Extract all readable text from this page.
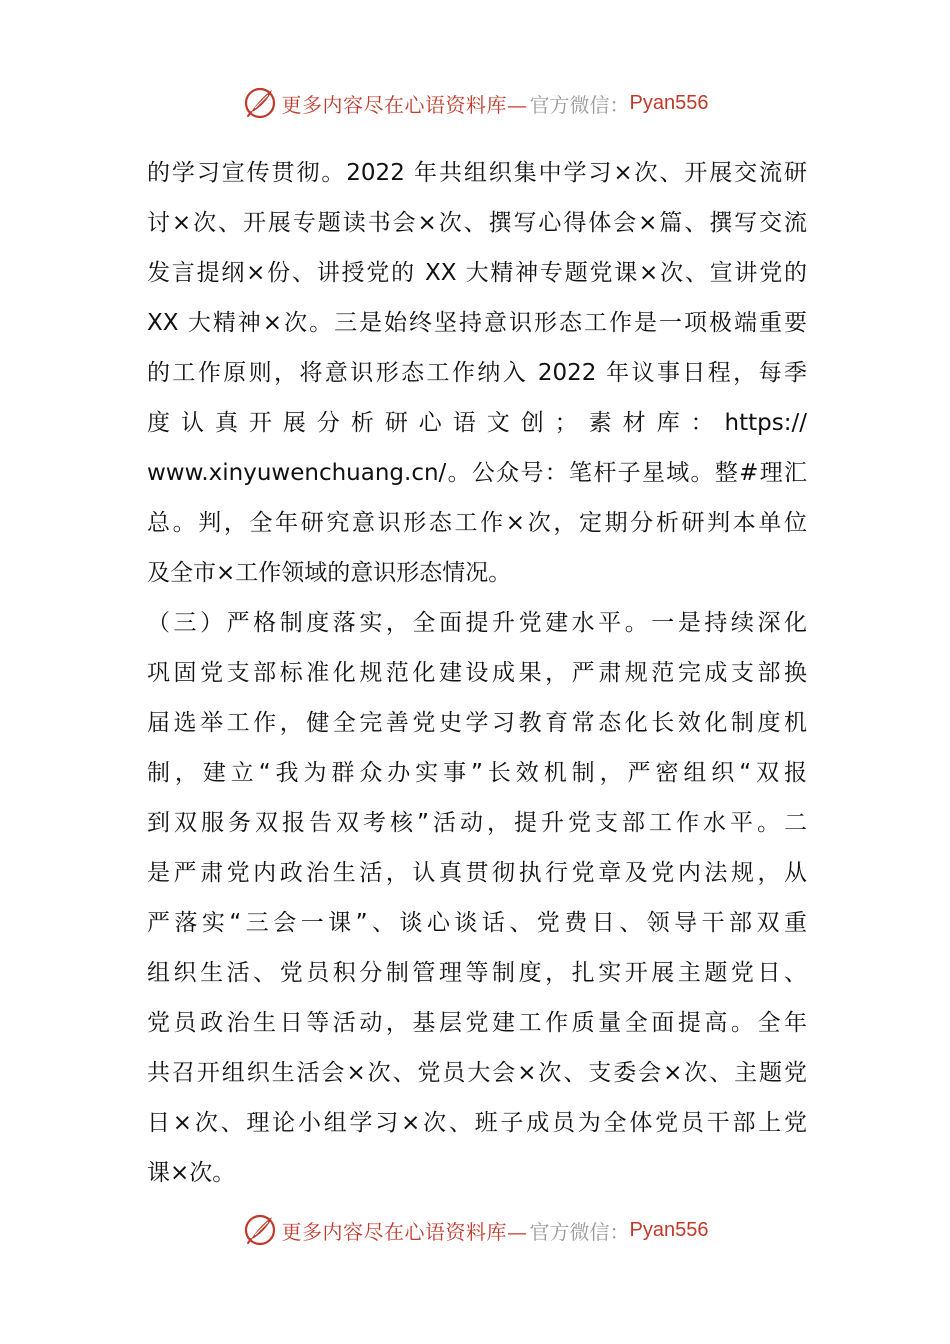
更多内容尽在心语资料库— 官方微信： Pyan556
的学习宣传贯彻。2022 年共组织集中学习×次、开展交流研
讨×次、开展专题读书会×次、撰写心得体会×篇、撰写交流
发言提纲×份、讲授党的 XX 大精神专题党课×次、宣讲党的
XX 大精神×次。三是始终坚持意识形态工作是一项极端重要
的工作原则，将意识形态工作纳入 2022 年议事日程，每季
度认真开展分析研心语文创；素材库：https://
www.xinyuwenchuang.cn/。公众号：笔杆子星域。整#理汇
总。判，全年研究意识形态工作×次，定期分析研判本单位
及全市×工作领域的意识形态情况。
（三）严格制度落实，全面提升党建水平。一是持续深化
巩固党支部标准化规范化建设成果，严肃规范完成支部换
届选举工作，健全完善党史学习教育常态化长效化制度机
制，建立“我为群众办实事”长效机制，严密组织“双报
到双服务双报告双考核”活动，提升党支部工作水平。二
是严肃党内政治生活，认真贯彻执行党章及党内法规，从
严落实“三会一课”、谈心谈话、党费日、领导干部双重
组织生活、党员积分制管理等制度，扎实开展主题党日、
党员政治生日等活动，基层党建工作质量全面提高。全年
共召开组织生活会×次、党员大会×次、支委会×次、主题党
日×次、理论小组学习×次、班子成员为全体党员干部上党
课×次。
更多内容尽在心语资料库— 官方微信： Pyan556
